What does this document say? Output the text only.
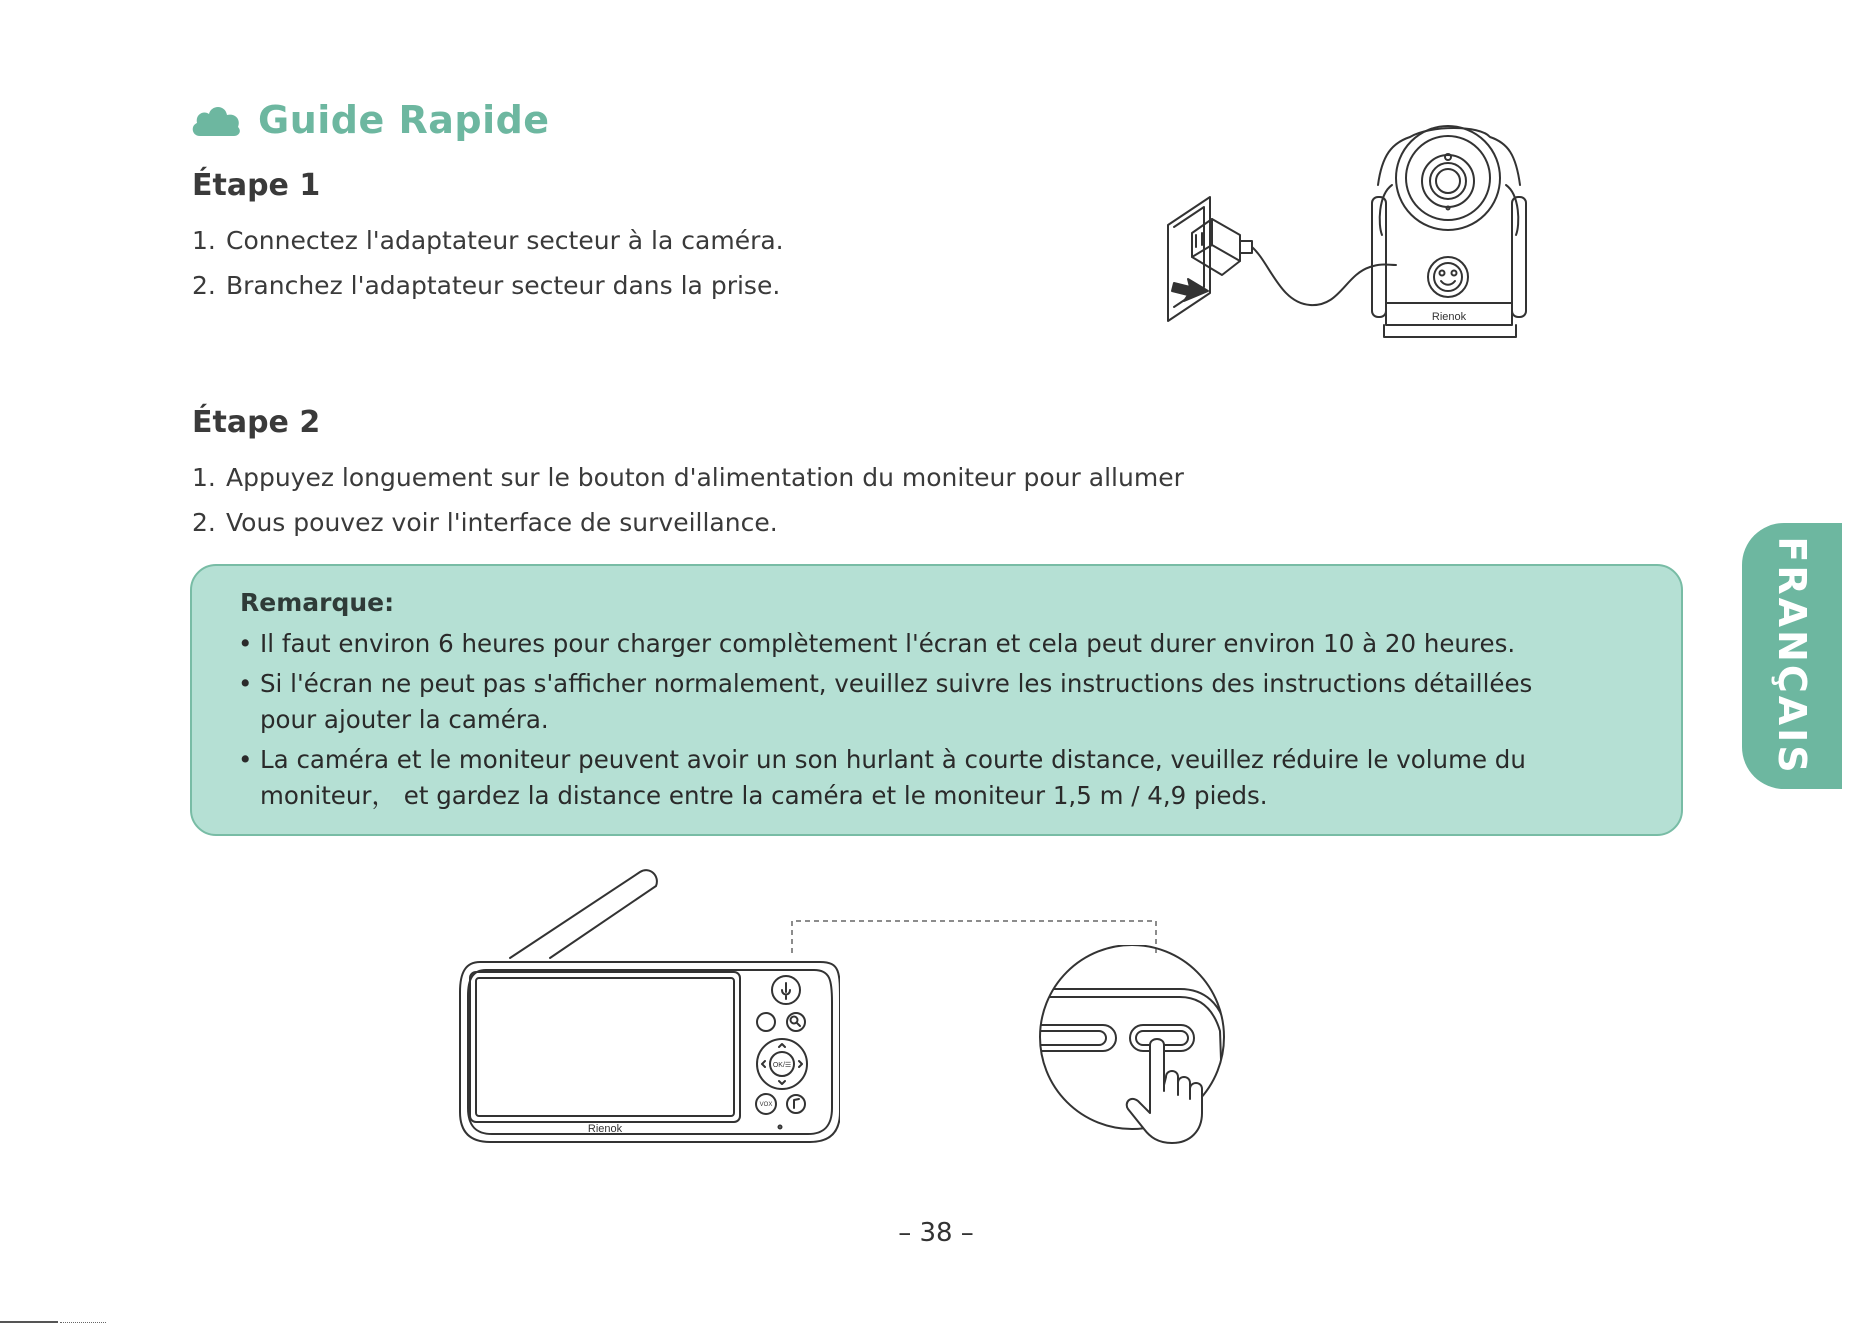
Guide Rapide
Étape 1
1. Connectez l'adaptateur secteur à la caméra.
2. Branchez l'adaptateur secteur dans la prise.
Rienok
Étape 2
1. Appuyez longuement sur le bouton d'alimentation du moniteur pour allumer
2. Vous pouvez voir l'interface de surveillance.
Remarque:
• Il faut environ 6 heures pour charger complètement l'écran et cela peut durer environ 10 à 20 heures.
• Si l'écran ne peut pas s'afficher normalement, veuillez suivre les instructions des instructions détaillées
pour ajouter la caméra.
• La caméra et le moniteur peuvent avoir un son hurlant à courte distance, veuillez réduire le volume du
moniteur， et gardez la distance entre la caméra et le moniteur 1,5 m / 4,9 pieds.
FRANÇAIS
OK/☰
VOX
Rienok
– 38 –
